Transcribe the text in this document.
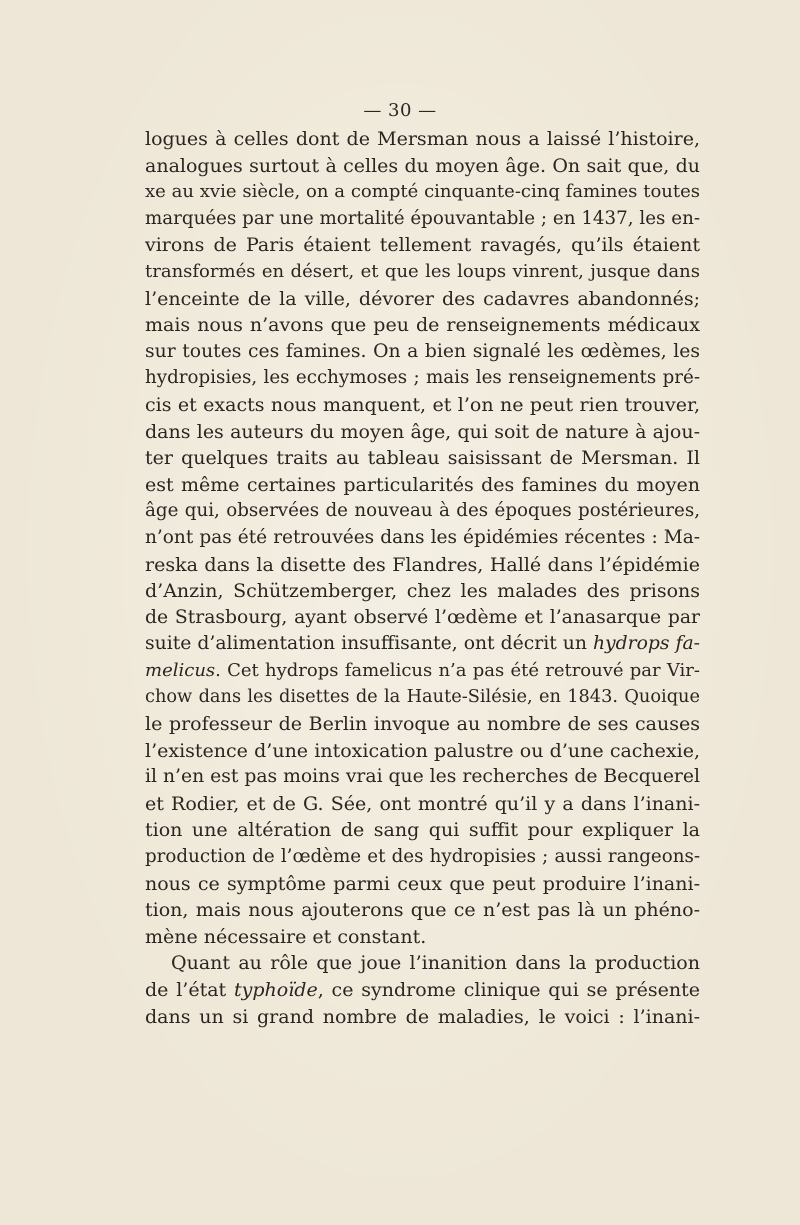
— 30 —
logues à celles dont de Mersman nous a laissé l’histoire,
analogues surtout à celles du moyen âge. On sait que, du
xe au xvie siècle, on a compté cinquante-cinq famines toutes
marquées par une mortalité épouvantable ; en 1437, les en-
virons de Paris étaient tellement ravagés, qu’ils étaient
transformés en désert, et que les loups vinrent, jusque dans
l’enceinte de la ville, dévorer des cadavres abandonnés;
mais nous n’avons que peu de renseignements médicaux
sur toutes ces famines. On a bien signalé les œdèmes, les
hydropisies, les ecchymoses ; mais les renseignements pré-
cis et exacts nous manquent, et l’on ne peut rien trouver,
dans les auteurs du moyen âge, qui soit de nature à ajou-
ter quelques traits au tableau saisissant de Mersman. Il
est même certaines particularités des famines du moyen
âge qui, observées de nouveau à des époques postérieures,
n’ont pas été retrouvées dans les épidémies récentes : Ma-
reska dans la disette des Flandres, Hallé dans l’épidémie
d’Anzin, Schützemberger, chez les malades des prisons
de Strasbourg, ayant observé l’œdème et l’anasarque par
suite d’alimentation insuffisante, ont décrit un hydrops fa-
melicus. Cet hydrops famelicus n’a pas été retrouvé par Vir-
chow dans les disettes de la Haute-Silésie, en 1843. Quoique
le professeur de Berlin invoque au nombre de ses causes
l’existence d’une intoxication palustre ou d’une cachexie,
il n’en est pas moins vrai que les recherches de Becquerel
et Rodier, et de G. Sée, ont montré qu’il y a dans l’inani-
tion une altération de sang qui suffit pour expliquer la
production de l’œdème et des hydropisies ; aussi rangeons-
nous ce symptôme parmi ceux que peut produire l’inani-
tion, mais nous ajouterons que ce n’est pas là un phéno-
mène nécessaire et constant.
Quant au rôle que joue l’inanition dans la production
de l’état typhoïde, ce syndrome clinique qui se présente
dans un si grand nombre de maladies, le voici : l’inani-
